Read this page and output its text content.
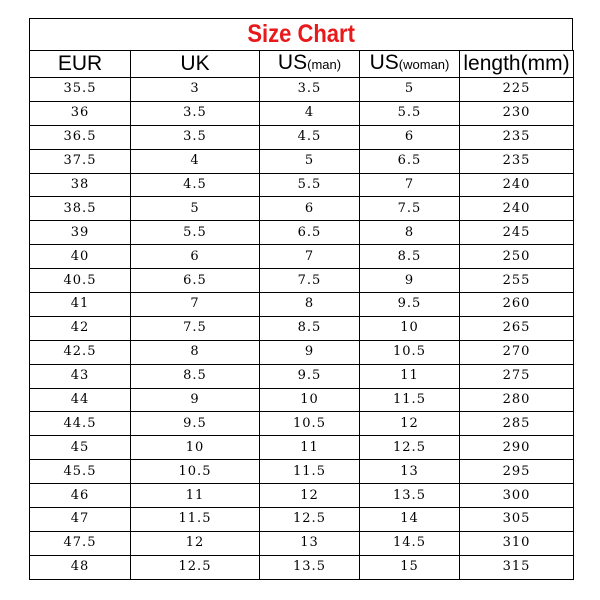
Size Chart
EUR	UK	US(man)	US(woman)	length(mm)
35.5	3	3.5	5	225
36	3.5	4	5.5	230
36.5	3.5	4.5	6	235
37.5	4	5	6.5	235
38	4.5	5.5	7	240
38.5	5	6	7.5	240
39	5.5	6.5	8	245
40	6	7	8.5	250
40.5	6.5	7.5	9	255
41	7	8	9.5	260
42	7.5	8.5	10	265
42.5	8	9	10.5	270
43	8.5	9.5	11	275
44	9	10	11.5	280
44.5	9.5	10.5	12	285
45	10	11	12.5	290
45.5	10.5	11.5	13	295
46	11	12	13.5	300
47	11.5	12.5	14	305
47.5	12	13	14.5	310
48	12.5	13.5	15	315
